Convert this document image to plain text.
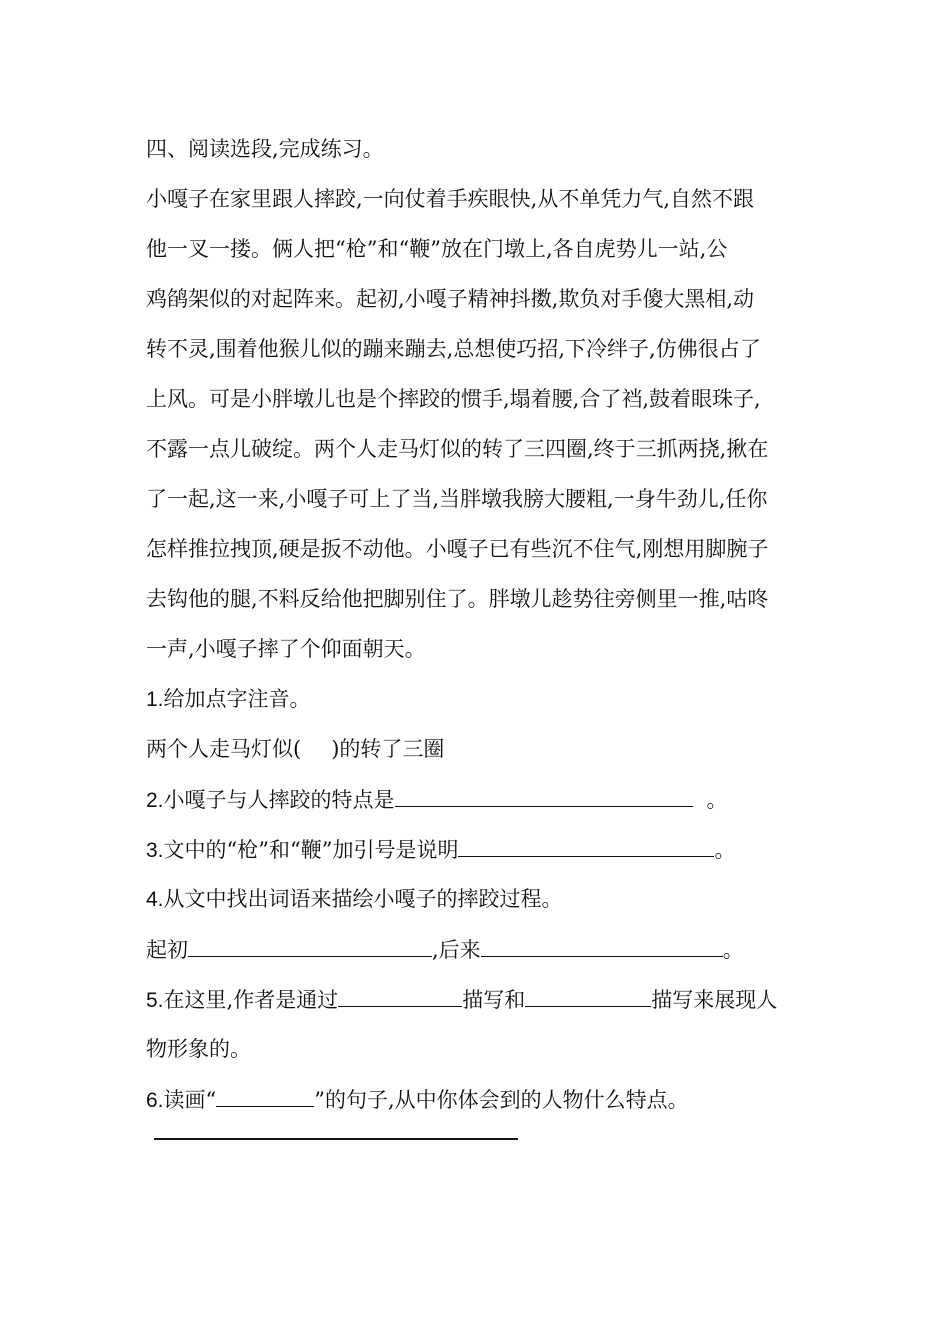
四、阅读选段,完成练习。
小嘎子在家里跟人摔跤,一向仗着手疾眼快,从不单凭力气,自然不跟
他一叉一搂。俩人把“枪”和“鞭”放在门墩上,各自虎势儿一站,公
鸡鹐架似的对起阵来。起初,小嘎子精神抖擞,欺负对手傻大黑相,动
转不灵,围着他猴儿似的蹦来蹦去,总想使巧招,下冷绊子,仿佛很占了
上风。可是小胖墩儿也是个摔跤的惯手,塌着腰,合了裆,鼓着眼珠子,
不露一点儿破绽。两个人走马灯似的转了三四圈,终于三抓两挠,揪在
了一起,这一来,小嘎子可上了当,当胖墩我膀大腰粗,一身牛劲儿,任你
怎样推拉拽顶,硬是扳不动他。小嘎子已有些沉不住气,刚想用脚腕子
去钩他的腿,不料反给他把脚别住了。胖墩儿趁势往旁侧里一推,咕咚
一声,小嘎子摔了个仰面朝天。
1.给加点字注音。
两个人走马灯似( )的转了三圈
2.小嘎子与人摔跤的特点是	。
3.文中的“枪”和“鞭”加引号是说明	。
4.从文中找出词语来描绘小嘎子的摔跤过程。
起初	,后来	。
5.在这里,作者是通过	描写和	描写来展现人
物形象的。
6.读画“	”的句子,从中你体会到的人物什么特点。
